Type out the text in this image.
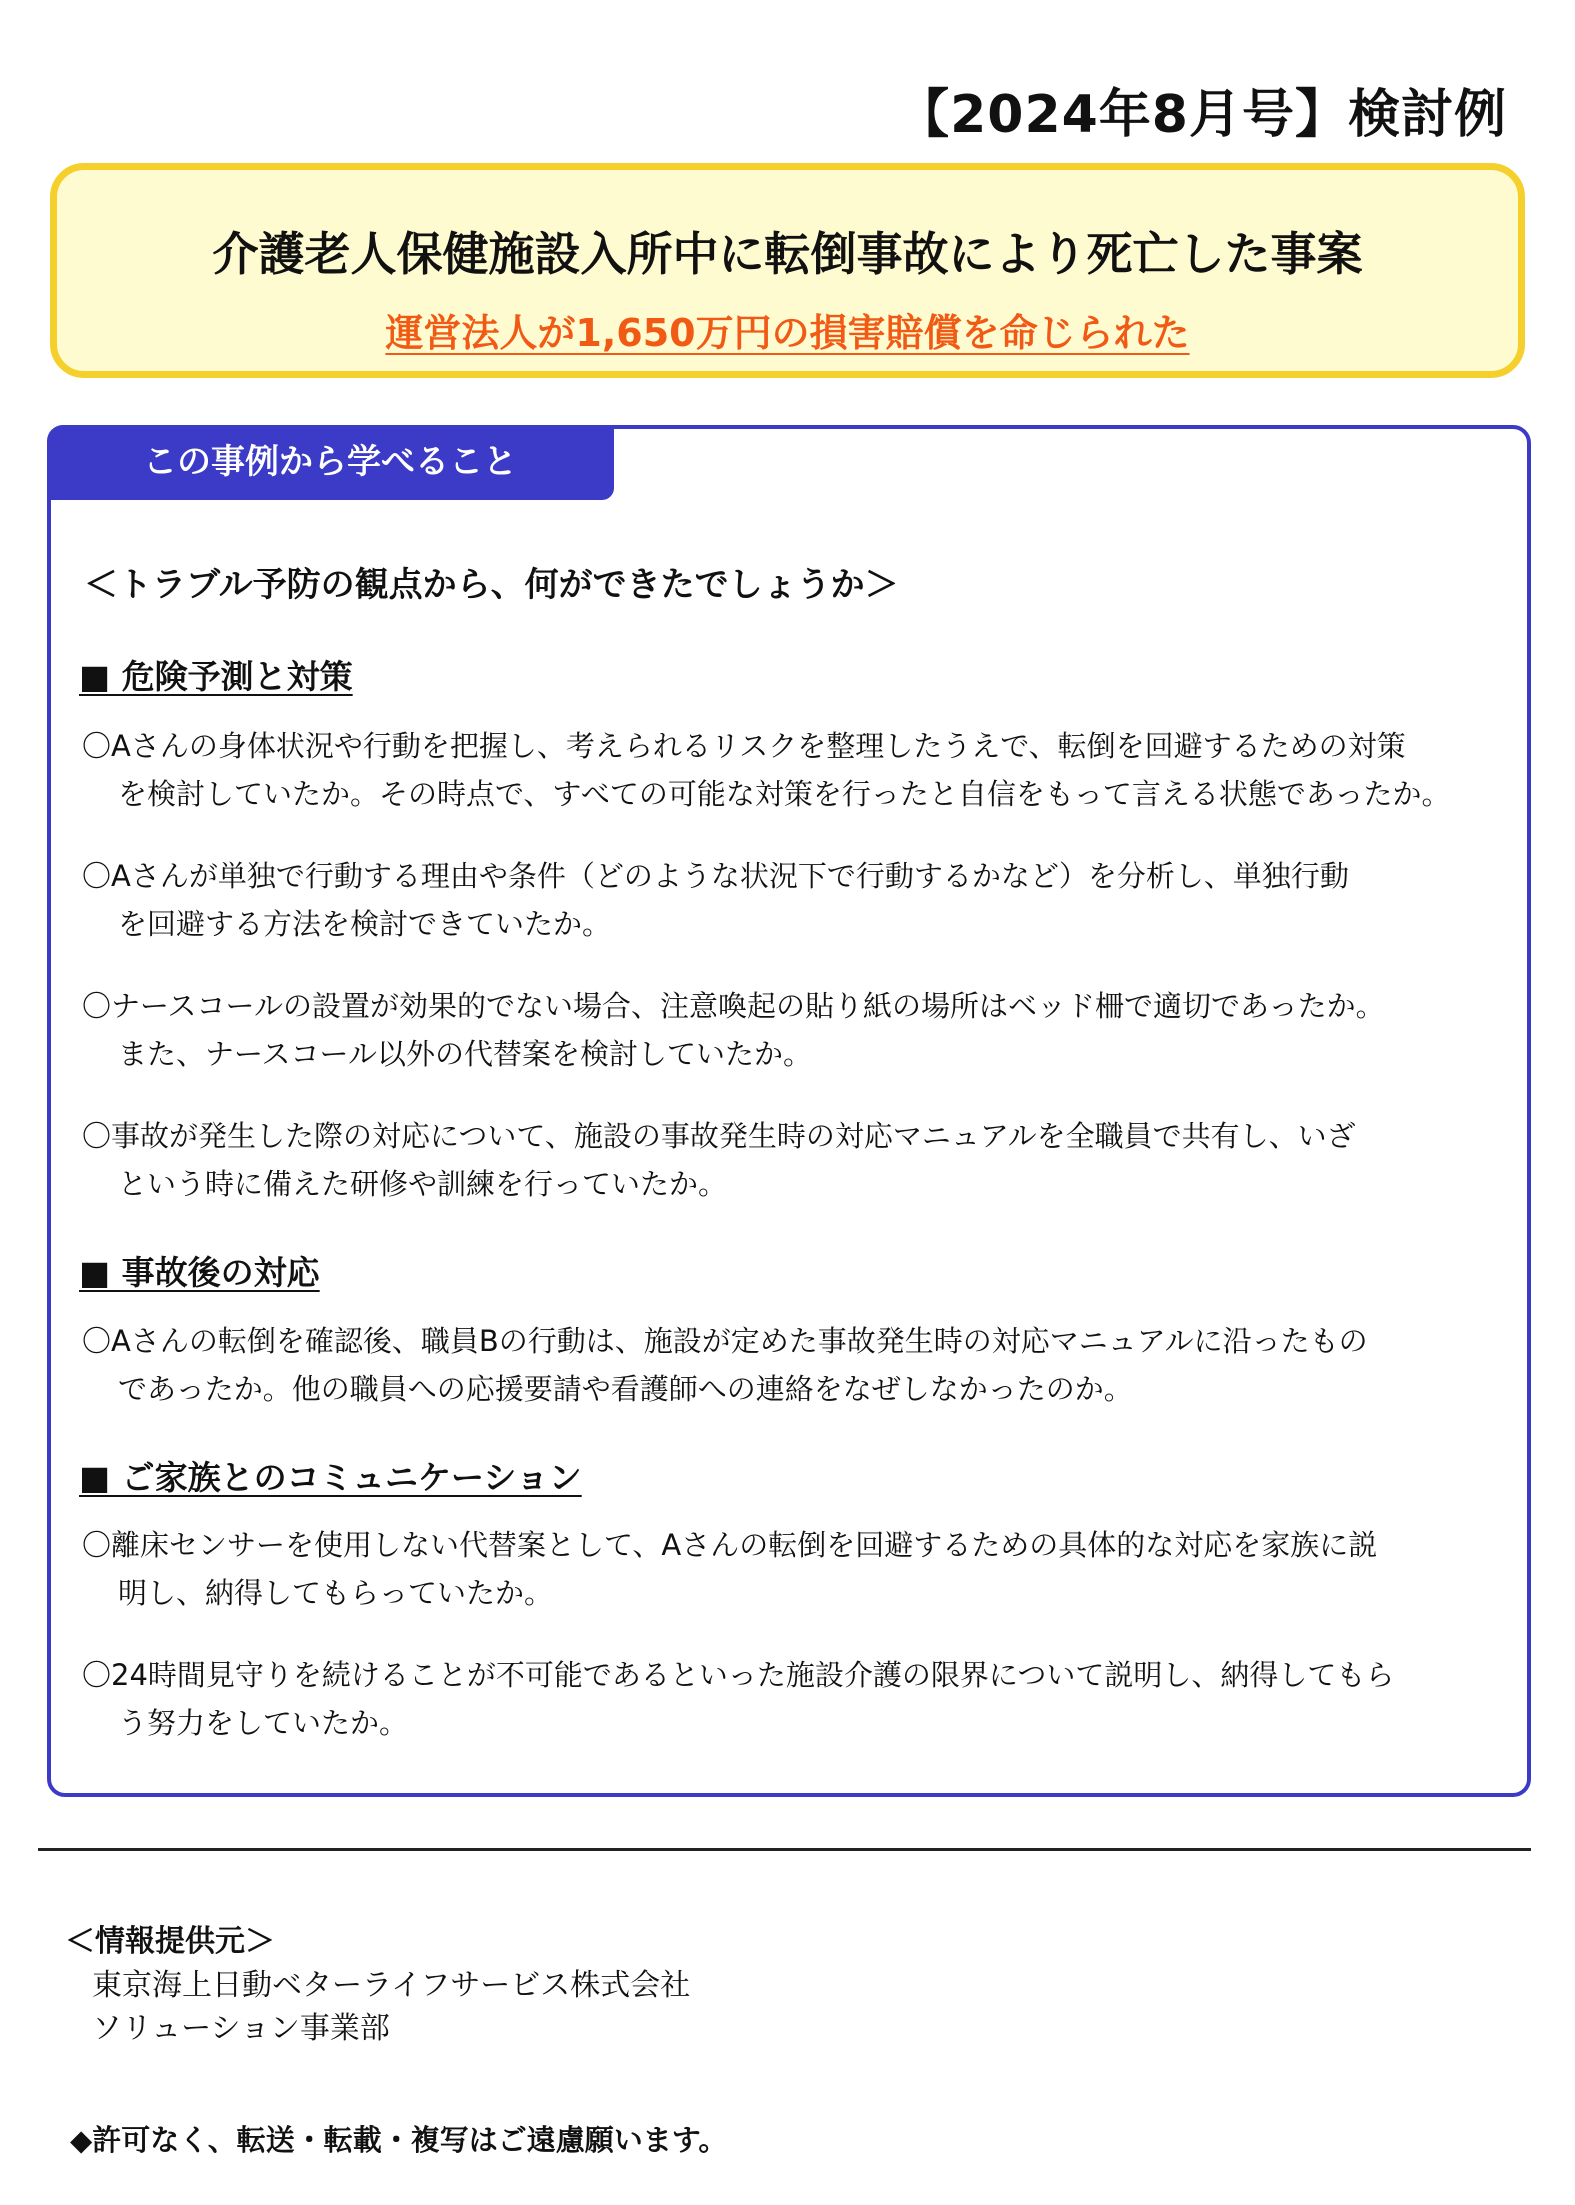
【2024年8月号】検討例
介護老人保健施設入所中に転倒事故により死亡した事案
運営法人が1,650万円の損害賠償を命じられた
この事例から学べること
＜トラブル予防の観点から、何ができたでしょうか＞
■ 危険予測と対策
〇Aさんの身体状況や行動を把握し、考えられるリスクを整理したうえで、転倒を回避するための対策
を検討していたか。その時点で、すべての可能な対策を行ったと自信をもって言える状態であったか。
〇Aさんが単独で行動する理由や条件（どのような状況下で行動するかなど）を分析し、単独行動
を回避する方法を検討できていたか。
〇ナースコールの設置が効果的でない場合、注意喚起の貼り紙の場所はベッド柵で適切であったか。
また、ナースコール以外の代替案を検討していたか。
〇事故が発生した際の対応について、施設の事故発生時の対応マニュアルを全職員で共有し、いざ
という時に備えた研修や訓練を行っていたか。
■ 事故後の対応
〇Aさんの転倒を確認後、職員Bの行動は、施設が定めた事故発生時の対応マニュアルに沿ったもの
であったか。他の職員への応援要請や看護師への連絡をなぜしなかったのか。
■ ご家族とのコミュニケーション
〇離床センサーを使用しない代替案として、Aさんの転倒を回避するための具体的な対応を家族に説
明し、納得してもらっていたか。
〇24時間見守りを続けることが不可能であるといった施設介護の限界について説明し、納得してもら
う努力をしていたか。
＜情報提供元＞
東京海上日動ベターライフサービス株式会社
ソリューション事業部
◆許可なく、転送・転載・複写はご遠慮願います。
